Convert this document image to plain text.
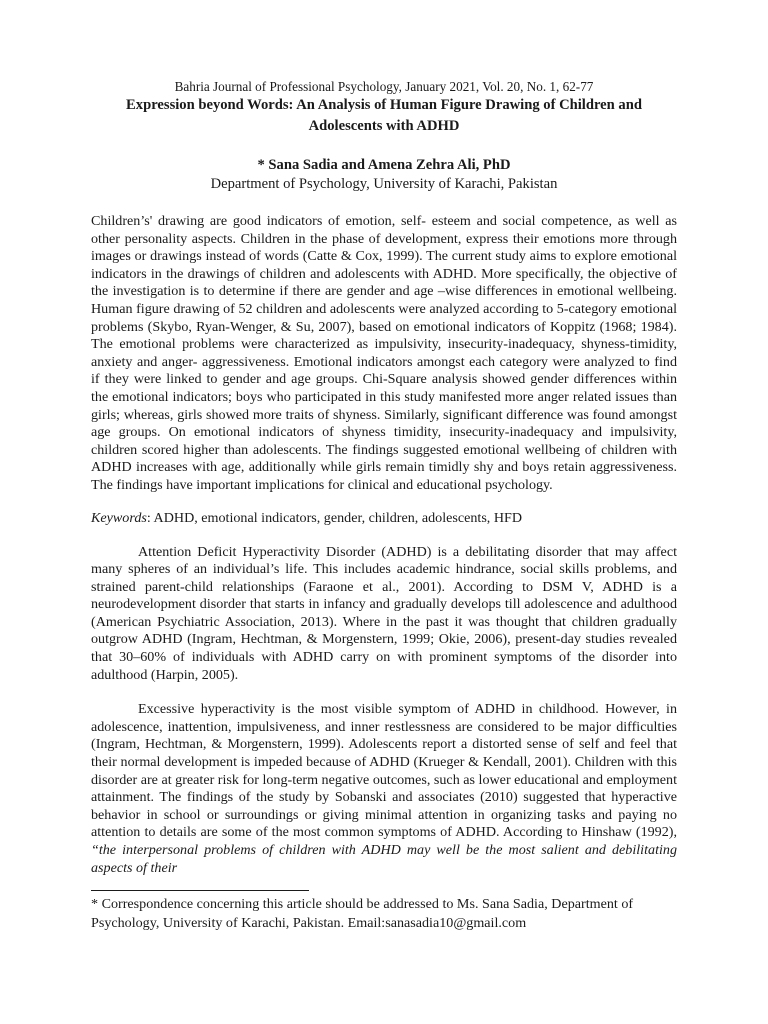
Bahria Journal of Professional Psychology, January 2021, Vol. 20, No. 1, 62-77

Expression beyond Words: An Analysis of Human Figure Drawing of Children and
Adolescents with ADHD

* Sana Sadia and Amena Zehra Ali, PhD

Department of Psychology, University of Karachi, Pakistan

Children’s' drawing are good indicators of emotion, self- esteem and social competence, as well as other personality aspects. Children in the phase of development, express their emotions more through images or drawings instead of words (Catte & Cox, 1999). The current study aims to explore emotional indicators in the drawings of children and adolescents with ADHD. More specifically, the objective of the investigation is to determine if there are gender and age –wise differences in emotional wellbeing. Human figure drawing of 52 children and adolescents were analyzed according to 5-category emotional problems (Skybo, Ryan-Wenger, & Su, 2007), based on emotional indicators of Koppitz (1968; 1984). The emotional problems were characterized as impulsivity, insecurity-inadequacy, shyness-timidity, anxiety and anger- aggressiveness. Emotional indicators amongst each category were analyzed to find if they were linked to gender and age groups. Chi-Square analysis showed gender differences within the emotional indicators; boys who participated in this study manifested more anger related issues than girls; whereas, girls showed more traits of shyness. Similarly, significant difference was found amongst age groups. On emotional indicators of shyness timidity, insecurity-inadequacy and impulsivity, children scored higher than adolescents. The findings suggested emotional wellbeing of children with ADHD increases with age, additionally while girls remain timidly shy and boys retain aggressiveness. The findings have important implications for clinical and educational psychology.

Keywords: ADHD, emotional indicators, gender, children, adolescents, HFD

Attention Deficit Hyperactivity Disorder (ADHD) is a debilitating disorder that may affect many spheres of an individual’s life. This includes academic hindrance, social skills problems, and strained parent-child relationships (Faraone et al., 2001). According to DSM V, ADHD is a neurodevelopment disorder that starts in infancy and gradually develops till adolescence and adulthood (American Psychiatric Association, 2013). Where in the past it was thought that children gradually outgrow ADHD (Ingram, Hechtman, & Morgenstern, 1999; Okie, 2006), present-day studies revealed that 30–60% of individuals with ADHD carry on with prominent symptoms of the disorder into adulthood (Harpin, 2005).

Excessive hyperactivity is the most visible symptom of ADHD in childhood. However, in adolescence, inattention, impulsiveness, and inner restlessness are considered to be major difficulties (Ingram, Hechtman, & Morgenstern, 1999). Adolescents report a distorted sense of self and feel that their normal development is impeded because of ADHD (Krueger & Kendall, 2001). Children with this disorder are at greater risk for long-term negative outcomes, such as lower educational and employment attainment. The findings of the study by Sobanski and associates (2010) suggested that hyperactive behavior in school or surroundings or giving minimal attention in organizing tasks and paying no attention to details are some of the most common symptoms of ADHD. According to Hinshaw (1992), “the interpersonal problems of children with ADHD may well be the most salient and debilitating aspects of their

* Correspondence concerning this article should be addressed to Ms. Sana Sadia, Department of Psychology, University of Karachi, Pakistan. Email:sanasadia10@gmail.com
